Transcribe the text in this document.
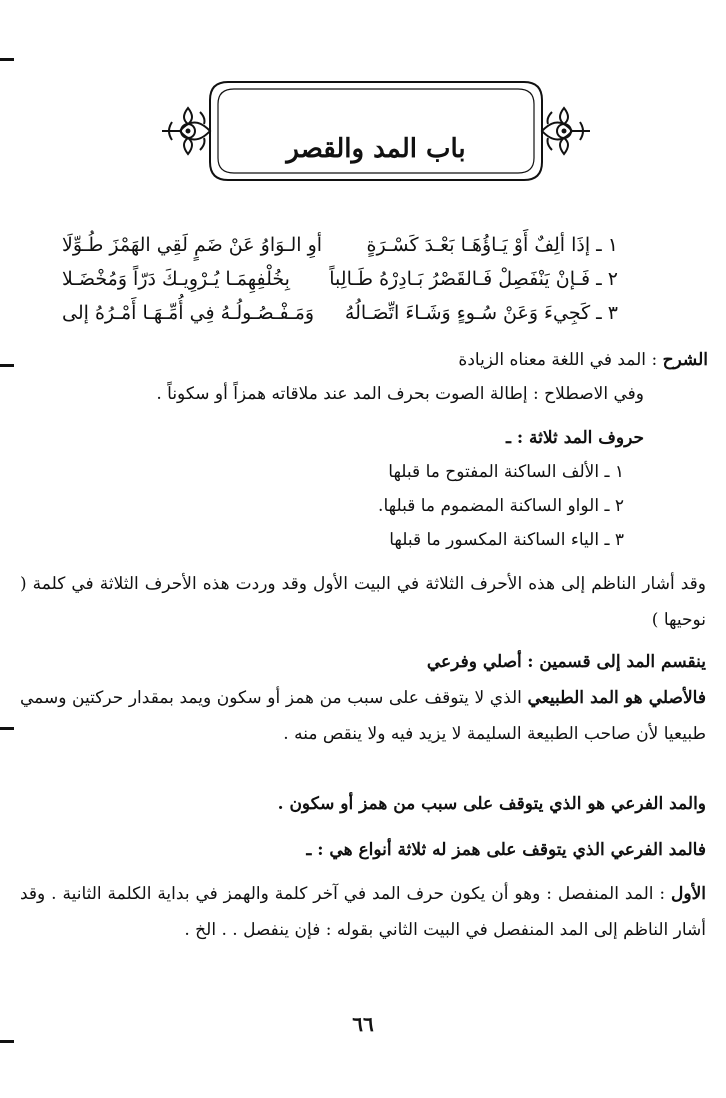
باب المد والقصر
١ ـ إذَا ألِفٌ أَوْ يَـاؤُهَـا بَعْـدَ كَسْـرَةٍ
أوِ الـوَاوُ عَنْ ضَمٍ لَقِي الهَمْزَ طُـوِّلَا
٢ ـ فَـإنْ يَنْفَصِلْ فَـالقَصْرُ بَـادِرْهُ طَـالِباً
بِخُلْفِهِمَـا يُـرْوِيـكَ دَرّاً وَمُخْضَـلا
٣ ـ كَجِيءَ وَعَنْ سُـوءٍ وَشَـاءَ اتِّصَـالُهُ
وَمَـفْـصُـولُـهُ فِي أُمِّـهَـا أَمْـرُهُ إلى
الشرح : المد في اللغة معناه الزيادة
وفي الاصطلاح : إطالة الصوت بحرف المد عند ملاقاته همزاً أو سكوناً .
حروف المد ثلاثة : ـ
١ ـ الألف الساكنة المفتوح ما قبلها
٢ ـ الواو الساكنة المضموم ما قبلها.
٣ ـ الياء الساكنة المكسور ما قبلها
وقد أشار الناظم إلى هذه الأحرف الثلاثة في البيت الأول وقد وردت هذه الأحرف الثلاثة في كلمة ( نوحيها )
ينقسم المد إلى قسمين : أصلي وفرعي
فالأصلي هو المد الطبيعي الذي لا يتوقف على سبب من همز أو سكون ويمد بمقدار حركتين وسمي طبيعيا لأن صاحب الطبيعة السليمة لا يزيد فيه ولا ينقص منه .
والمد الفرعي هو الذي يتوقف على سبب من همز أو سكون .
فالمد الفرعي الذي يتوقف على همز له ثلاثة أنواع هي : ـ
الأول : المد المنفصل : وهو أن يكون حرف المد في آخر كلمة والهمز في بداية الكلمة الثانية . وقد أشار الناظم إلى المد المنفصل في البيت الثاني بقوله : فإن ينفصل . . الخ .
٦٦
